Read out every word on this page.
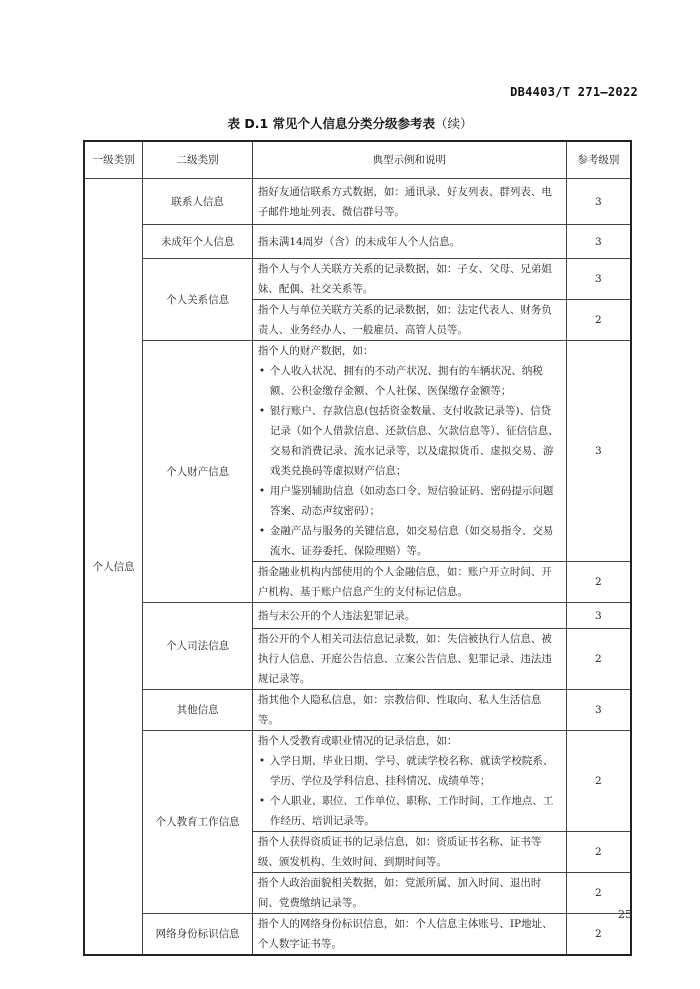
DB4403/T 271—2022
表 D.1 常见个人信息分类分级参考表（续）
一级类别	二级类别	典型示例和说明	参考级别
个人信息	联系人信息	指好友通信联系方式数据，如：通讯录、好友列表、群列表、电子邮件地址列表、微信群号等。	3
	未成年个人信息	指未满14周岁（含）的未成年人个人信息。	3
	个人关系信息	指个人与个人关联方关系的记录数据，如：子女、父母、兄弟姐妹、配偶、社交关系等。	3
		指个人与单位关联方关系的记录数据，如：法定代表人、财务负责人、业务经办人、一般雇员、高管人员等。	2
	个人财产信息	指个人的财产数据，如：
• 个人收入状况、拥有的不动产状况、拥有的车辆状况、纳税额、公积金缴存金额、个人社保、医保缴存金额等；
• 银行账户、存款信息(包括资金数量、支付收款记录等)、信贷记录（如个人借款信息、还款信息、欠款信息等）、征信信息、交易和消费记录、流水记录等，以及虚拟货币、虚拟交易、游戏类兑换码等虚拟财产信息；
• 用户鉴别辅助信息（如动态口令、短信验证码、密码提示问题答案、动态声纹密码）；
• 金融产品与服务的关键信息，如交易信息（如交易指令、交易流水、证券委托、保险理赔）等。	3
		指金融业机构内部使用的个人金融信息，如：账户开立时间、开户机构、基于账户信息产生的支付标记信息。	2
	个人司法信息	指与未公开的个人违法犯罪记录。	3
		指公开的个人相关司法信息记录数，如：失信被执行人信息、被执行人信息、开庭公告信息、立案公告信息、犯罪记录、违法违规记录等。	2
	其他信息	指其他个人隐私信息，如：宗教信仰、性取向、私人生活信息等。	3
	个人教育工作信息	指个人受教育或职业情况的记录信息，如：
• 入学日期、毕业日期、学号、就读学校名称、就读学校院系、学历、学位及学科信息、挂科情况、成绩单等；
• 个人职业、职位、工作单位、职称、工作时间、工作地点、工作经历、培训记录等。	2
		指个人获得资质证书的记录信息，如：资质证书名称、证书等级、颁发机构、生效时间、到期时间等。	2
		指个人政治面貌相关数据，如：党派所属、加入时间、退出时间、党费缴纳记录等。	2
	网络身份标识信息	指个人的网络身份标识信息，如：个人信息主体账号、IP地址、个人数字证书等。	2
25
